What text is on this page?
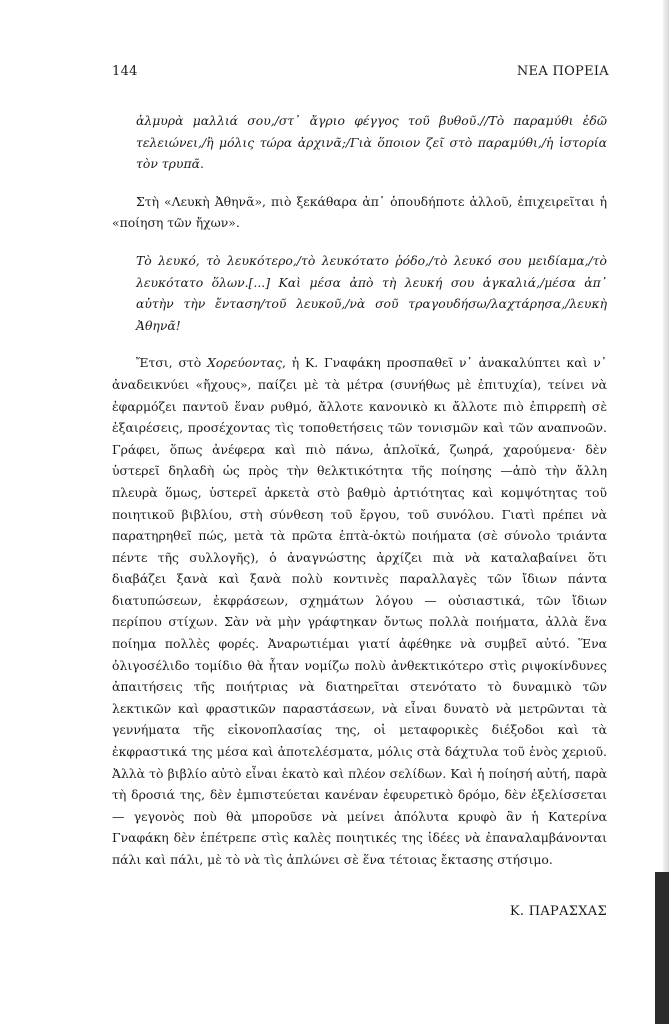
144	ΝΕΑ ΠΟΡΕΙΑ

ἁλμυρὰ μαλλιά σου,/στ᾿ ἄγριο φέγγος τοῦ βυθοῦ.//Τὸ παραμύθι ἐδῶ τελειώνει,/ἢ μόλις τώρα ἀρχινᾶ;/Γιὰ ὅποιον ζεῖ στὸ παραμύθι,/ἡ ἱστορία τὸν τρυπᾶ.

Στὴ «Λευκὴ Ἀθηνᾶ», πιὸ ξεκάθαρα ἀπ᾿ ὁπουδήποτε ἀλλοῦ, ἐπιχειρεῖται ἡ «ποίηση τῶν ἤχων».

Τὸ λευκό, τὸ λευκότερο,/τὸ λευκότατο ῥόδο,/τὸ λευκό σου μειδίαμα,/τὸ λευκότατο ὅλων.[...] Καὶ μέσα ἀπὸ τὴ λευκή σου ἀγκαλιά,/μέσα ἀπ᾿ αὐτὴν τὴν ἔνταση/τοῦ λευκοῦ,/νὰ σοῦ τραγουδήσω/λαχτάρησα,/λευκὴ Ἀθηνᾶ!

Ἔτσι, στὸ Χορεύοντας, ἡ Κ. Γναφάκη προσπαθεῖ ν᾿ ἀνακαλύπτει καὶ ν᾿ ἀναδεικνύει «ἤχους», παίζει μὲ τὰ μέτρα (συνήθως μὲ ἐπιτυχία), τείνει νὰ ἐφαρμόζει παντοῦ ἕναν ρυθμό, ἄλλοτε κανονικὸ κι ἄλλοτε πιὸ ἐπιρρεπὴ σὲ ἐξαιρέσεις, προσέχοντας τὶς τοποθετήσεις τῶν τονισμῶν καὶ τῶν αναπνοῶν. Γράφει, ὅπως ἀνέφερα καὶ πιὸ πάνω, ἁπλοϊκά, ζωηρά, χαρούμενα· δὲν ὑστερεῖ δηλαδὴ ὡς πρὸς τὴν θελκτικότητα τῆς ποίησης —ἀπὸ τὴν ἄλλη πλευρὰ ὅμως, ὑστερεῖ ἀρκετὰ στὸ βαθμὸ ἀρτιότητας καὶ κομψότητας τοῦ ποιητικοῦ βιβλίου, στὴ σύνθεση τοῦ ἔργου, τοῦ συνόλου. Γιατὶ πρέπει νὰ παρατηρηθεῖ πώς, μετὰ τὰ πρῶτα ἑπτὰ-ὀκτὼ ποιήματα (σὲ σύνολο τριάντα πέντε τῆς συλλογῆς), ὁ ἀναγνώστης ἀρχίζει πιὰ νὰ καταλαβαίνει ὅτι διαβάζει ξανὰ καὶ ξανὰ πολὺ κοντινὲς παραλλαγὲς τῶν ἴδιων πάντα διατυπώσεων, ἐκφράσεων, σχημάτων λόγου — οὐσιαστικά, τῶν ἴδιων περίπου στίχων. Σὰν νὰ μὴν γράφτηκαν ὄντως πολλὰ ποιήματα, ἀλλὰ ἕνα ποίημα πολλὲς φορές. Ἀναρωτιέμαι γιατί ἀφέθηκε νὰ συμβεῖ αὐτό. Ἕνα ὀλιγοσέλιδο τομίδιο θὰ ἦταν νομίζω πολὺ ἀνθεκτικότερο στὶς ριψοκίνδυνες ἀπαιτήσεις τῆς ποιήτριας νὰ διατηρεῖται στενότατο τὸ δυναμικὸ τῶν λεκτικῶν καὶ φραστικῶν παραστάσεων, νὰ εἶναι δυνατὸ νὰ μετρῶνται τὰ γεννήματα τῆς εἰκονοπλασίας της, οἱ μεταφορικὲς διέξοδοι καὶ τὰ ἐκφραστικά της μέσα καὶ ἀποτελέσματα, μόλις στὰ δάχτυλα τοῦ ἑνὸς χεριοῦ. Ἀλλὰ τὸ βιβλίο αὐτὸ εἶναι ἑκατὸ καὶ πλέον σελίδων. Καὶ ἡ ποίησή αὐτή, παρὰ τὴ δροσιά της, δὲν ἐμπιστεύεται κανέναν ἐφευρετικὸ δρόμο, δὲν ἐξελίσσεται — γεγονὸς ποὺ θὰ μποροῦσε νὰ μείνει ἀπόλυτα κρυφὸ ἂν ἡ Κατερίνα Γναφάκη δὲν ἐπέτρεπε στὶς καλὲς ποιητικές της ἰδέες νὰ ἐπαναλαμβάνονται πάλι καὶ πάλι, μὲ τὸ νὰ τὶς ἁπλώνει σὲ ἕνα τέτοιας ἔκτασης στήσιμο.

Κ. ΠΑΡΑΣΧΑΣ
